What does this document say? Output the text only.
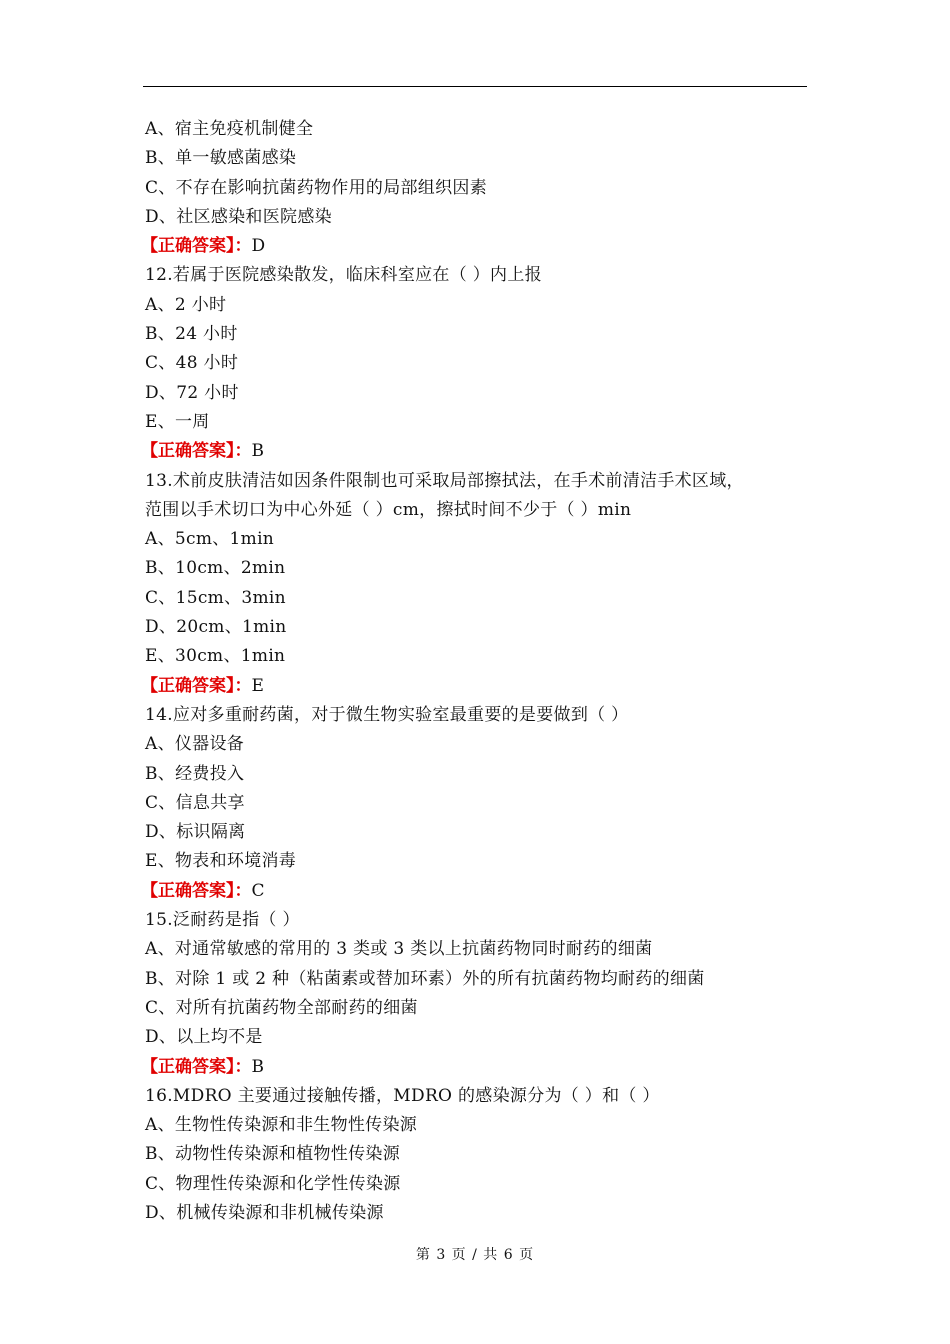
A、宿主免疫机制健全
B、单一敏感菌感染
C、不存在影响抗菌药物作用的局部组织因素
D、社区感染和医院感染
【正确答案】：D
12.若属于医院感染散发，临床科室应在（ ）内上报
A、2 小时
B、24 小时
C、48 小时
D、72 小时
E、一周
【正确答案】：B
13.术前皮肤清洁如因条件限制也可采取局部擦拭法，在手术前清洁手术区域，
范围以手术切口为中心外延（ ）cm，擦拭时间不少于（ ）min
A、5cm、1min
B、10cm、2min
C、15cm、3min
D、20cm、1min
E、30cm、1min
【正确答案】：E
14.应对多重耐药菌，对于微生物实验室最重要的是要做到（ ）
A、仪器设备
B、经费投入
C、信息共享
D、标识隔离
E、物表和环境消毒
【正确答案】：C
15.泛耐药是指（ ）
A、对通常敏感的常用的 3 类或 3 类以上抗菌药物同时耐药的细菌
B、对除 1 或 2 种（粘菌素或替加环素）外的所有抗菌药物均耐药的细菌
C、对所有抗菌药物全部耐药的细菌
D、以上均不是
【正确答案】：B
16.MDRO 主要通过接触传播，MDRO 的感染源分为（ ）和（ ）
A、生物性传染源和非生物性传染源
B、动物性传染源和植物性传染源
C、物理性传染源和化学性传染源
D、机械传染源和非机械传染源
第 3 页 / 共 6 页
